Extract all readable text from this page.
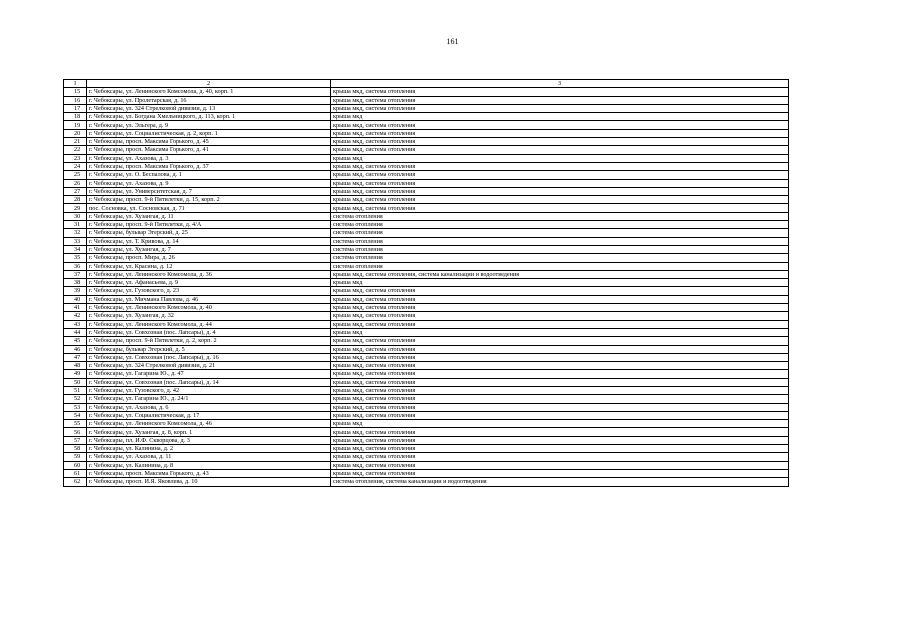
161
1	2	3
15	г. Чебоксары, ул. Ленинского Комсомола, д. 40, корп. 1	крыша мкд, система отопления
16	г. Чебоксары, ул. Пролетарская, д. 16	крыша мкд, система отопления
17	г. Чебоксары, ул. 324 Стрелковой дивизии, д. 13	крыша мкд, система отопления
18	г. Чебоксары, ул. Богдана Хмельницкого, д. 113, корп. 1	крыша мкд
19	г. Чебоксары, ул. Эльгера, д. 9	крыша мкд, система отопления
20	г. Чебоксары, ул. Социалистическая, д. 2, корп. 1	крыша мкд, система отопления
21	г. Чебоксары, просп. Максима Горького, д. 45	крыша мкд, система отопления
22	г. Чебоксары, просп. Максима Горького, д. 41	крыша мкд, система отопления
23	г. Чебоксары, ул. Ахазова, д. 3	крыша мкд
24	г. Чебоксары, просп. Максима Горького, д. 37	крыша мкд, система отопления
25	г. Чебоксары, ул. О. Беспалова, д. 1	крыша мкд, система отопления
26	г. Чебоксары, ул. Ахазова, д. 9	крыша мкд, система отопления
27	г. Чебоксары, ул. Университетская, д. 7	крыша мкд, система отопления
28	г. Чебоксары, просп. 9-й Пятилетки, д. 15, корп. 2	крыша мкд, система отопления
29	пос. Сосновка, ул. Сосновская, д. 71	крыша мкд, система отопления
30	г. Чебоксары, ул. Хузангая, д. 11	система отопления
31	г. Чебоксары, просп. 9-й Пятилетки, д. 4/А	система отопления
32	г. Чебоксары, бульвар Эгерский, д. 25	система отопления
33	г. Чебоксары, ул. Т. Кривова, д. 14	система отопления
34	г. Чебоксары, ул. Хузангая, д. 7	система отопления
35	г. Чебоксары, просп. Мира, д. 26	система отопления
36	г. Чебоксары, ул. Красина, д. 12	система отопления
37	г. Чебоксары, ул. Ленинского Комсомола, д. 36	крыша мкд, система отопления, система канализации и водоотведения
38	г. Чебоксары, ул. Афанасьева, д. 9	крыша мкд
39	г. Чебоксары, ул. Гузовского, д. 23	крыша мкд, система отопления
40	г. Чебоксары, ул. Мичмана Павлова, д. 46	крыша мкд, система отопления
41	г. Чебоксары, ул. Ленинского Комсомола, д. 40	крыша мкд, система отопления
42	г. Чебоксары, ул. Хузангая, д. 32	крыша мкд, система отопления
43	г. Чебоксары, ул. Ленинского Комсомола, д. 44	крыша мкд, система отопления
44	г. Чебоксары, ул. Совхозная (пос. Лапсары), д. 4	крыша мкд
45	г. Чебоксары, просп. 9-й Пятилетки, д. 2, корп. 2	крыша мкд, система отопления
46	г. Чебоксары, бульвар Эгерский, д. 5	крыша мкд, система отопления
47	г. Чебоксары, ул. Совхозная (пос. Лапсары), д. 16	крыша мкд, система отопления
48	г. Чебоксары, ул. 324 Стрелковой дивизии, д. 21	крыша мкд, система отопления
49	г. Чебоксары, ул. Гагарина Ю., д. 47	крыша мкд, система отопления
50	г. Чебоксары, ул. Совхозная (пос. Лапсары), д. 14	крыша мкд, система отопления
51	г. Чебоксары, ул. Гузовского, д. 42	крыша мкд, система отопления
52	г. Чебоксары, ул. Гагарина Ю., д. 24/1	крыша мкд, система отопления
53	г. Чебоксары, ул. Ахазова, д. 6	крыша мкд, система отопления
54	г. Чебоксары, ул. Социалистическая, д. 17	крыша мкд, система отопления
55	г. Чебоксары, ул. Ленинского Комсомола, д. 46	крыша мкд
56	г. Чебоксары, ул. Хузангая, д. 8, корп. 1	крыша мкд, система отопления
57	г. Чебоксары, пл. И.Ф. Скворцова, д. 3	крыша мкд, система отопления
58	г. Чебоксары, ул. Калинина, д. 2	крыша мкд, система отопления
59	г. Чебоксары, ул. Ахазова, д. 11	крыша мкд, система отопления
60	г. Чебоксары, ул. Калинина, д. 8	крыша мкд, система отопления
61	г. Чебоксары, просп. Максима Горького, д. 43	крыша мкд, система отопления
62	г. Чебоксары, просп. И.Я. Яковлева, д. 10	система отопления, система канализации и водоотведения
